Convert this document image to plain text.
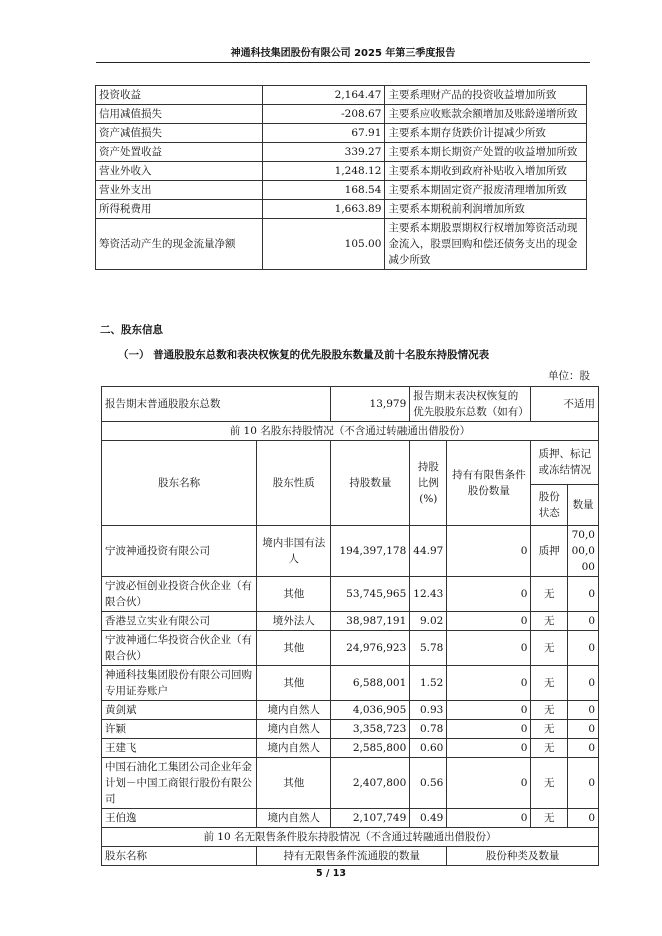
神通科技集团股份有限公司 2025 年第三季度报告
投资收益	2,164.47	主要系理财产品的投资收益增加所致
信用减值损失	-208.67	主要系应收账款余额增加及账龄递增所致
资产减值损失	67.91	主要系本期存货跌价计提减少所致
资产处置收益	339.27	主要系本期长期资产处置的收益增加所致
营业外收入	1,248.12	主要系本期收到政府补贴收入增加所致
营业外支出	168.54	主要系本期固定资产报废清理增加所致
所得税费用	1,663.89	主要系本期税前利润增加所致
筹资活动产生的现金流量净额	105.00	主要系本期股票期权行权增加筹资活动现金流入，股票回购和偿还债务支出的现金减少所致
二、股东信息
（一） 普通股股东总数和表决权恢复的优先股股东数量及前十名股东持股情况表
单位：股
报告期末普通股股东总数		13,979	报告期末表决权恢复的优先股股东总数（如有）		不适用	
前 10 名股东持股情况（不含通过转融通出借股份）						
股东名称	股东性质	持股数量	持股比例(%)	持有有限售条件股份数量	质押、标记或冻结情况	
					股份状态	数量
宁波神通投资有限公司	境内非国有法人	194,397,178	44.97	0	质押	70,000,000
宁波必恒创业投资合伙企业（有限合伙）	其他	53,745,965	12.43	0	无	0
香港昱立实业有限公司	境外法人	38,987,191	9.02	0	无	0
宁波神通仁华投资合伙企业（有限合伙）	其他	24,976,923	5.78	0	无	0
神通科技集团股份有限公司回购专用证券账户	其他	6,588,001	1.52	0	无	0
黄剑斌	境内自然人	4,036,905	0.93	0	无	0
许颖	境内自然人	3,358,723	0.78	0	无	0
王建飞	境内自然人	2,585,800	0.60	0	无	0
中国石油化工集团公司企业年金计划－中国工商银行股份有限公司	其他	2,407,800	0.56	0	无	0
王伯逸	境内自然人	2,107,749	0.49	0	无	0
前 10 名无限售条件股东持股情况（不含通过转融通出借股份）						
股东名称	持有无限售条件流通股的数量			股份种类及数量		
5 / 13
